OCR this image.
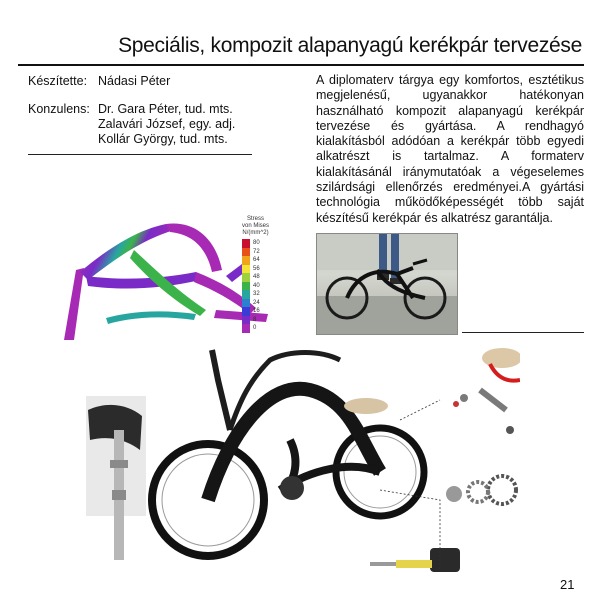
Speciális, kompozit alapanyagú kerékpár tervezése
Készítette: Nádasi Péter
Konzulens: Dr. Gara Péter, tud. mts.
Zalavári József, egy. adj.
Kollár György, tud. mts.
A diplomaterv tárgya egy komfortos, esztétikus megjelenésű, ugyanakkor hatékonyan használható kompozit alapanyagú kerékpár tervezése és gyártása. A rendhagyó kialakításból adódóan a kerékpár több egyedi alkatrészt is tartalmaz. A formaterv kialakításánál iránymutatóak a végeselemes szilárdsági ellenőrzés eredményei.A gyártási technológia működőképességét több saját készítésű kerékpár és alkatrész garantálja.
Stress
von Mises
N/(mm^2)
80
72
64
56
48
40
32
24
16
8
0
21
